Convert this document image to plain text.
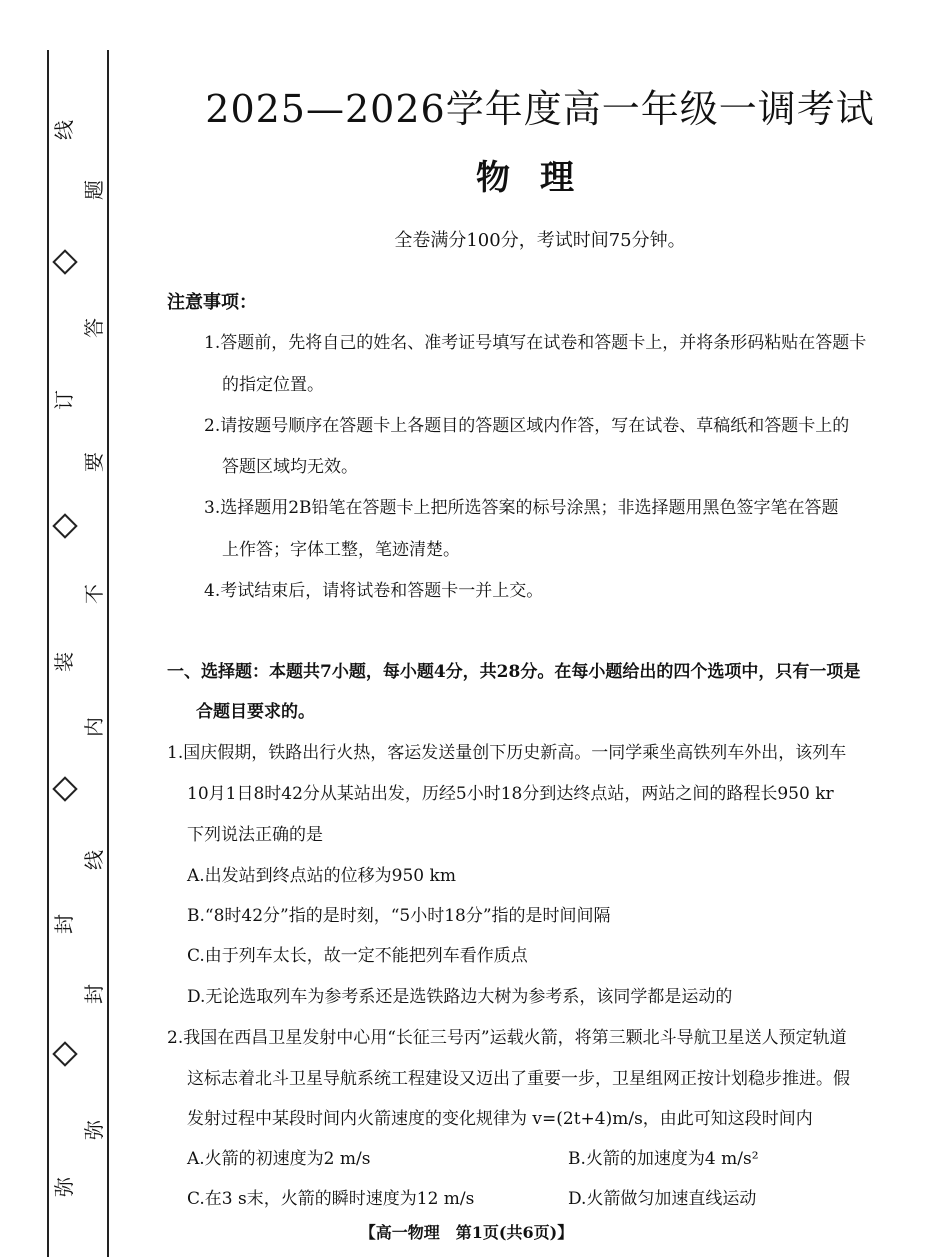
线
订
装
封
弥
题
答
要
不
内
线
封
弥
2025—2026学年度高一年级一调考试
物理
全卷满分100分，考试时间75分钟。
注意事项：
1.答题前，先将自己的姓名、准考证号填写在试卷和答题卡上，并将条形码粘贴在答题卡
的指定位置。
2.请按题号顺序在答题卡上各题目的答题区域内作答，写在试卷、草稿纸和答题卡上的
答题区域均无效。
3.选择题用2B铅笔在答题卡上把所选答案的标号涂黑；非选择题用黑色签字笔在答题
上作答；字体工整，笔迹清楚。
4.考试结束后，请将试卷和答题卡一并上交。
一、选择题：本题共7小题，每小题4分，共28分。在每小题给出的四个选项中，只有一项是
合题目要求的。
1.国庆假期，铁路出行火热，客运发送量创下历史新高。一同学乘坐高铁列车外出，该列车
10月1日8时42分从某站出发，历经5小时18分到达终点站，两站之间的路程长950 kr
下列说法正确的是
A.出发站到终点站的位移为950 km
B.“8时42分”指的是时刻，“5小时18分”指的是时间间隔
C.由于列车太长，故一定不能把列车看作质点
D.无论选取列车为参考系还是选铁路边大树为参考系，该同学都是运动的
2.我国在西昌卫星发射中心用“长征三号丙”运载火箭，将第三颗北斗导航卫星送人预定轨道
这标志着北斗卫星导航系统工程建设又迈出了重要一步，卫星组网正按计划稳步推进。假
发射过程中某段时间内火箭速度的变化规律为 v=(2t+4)m/s，由此可知这段时间内
A.火箭的初速度为2 m/s	B.火箭的加速度为4 m/s²
C.在3 s末，火箭的瞬时速度为12 m/s	D.火箭做匀加速直线运动
【高一物理　第1页(共6页)】
